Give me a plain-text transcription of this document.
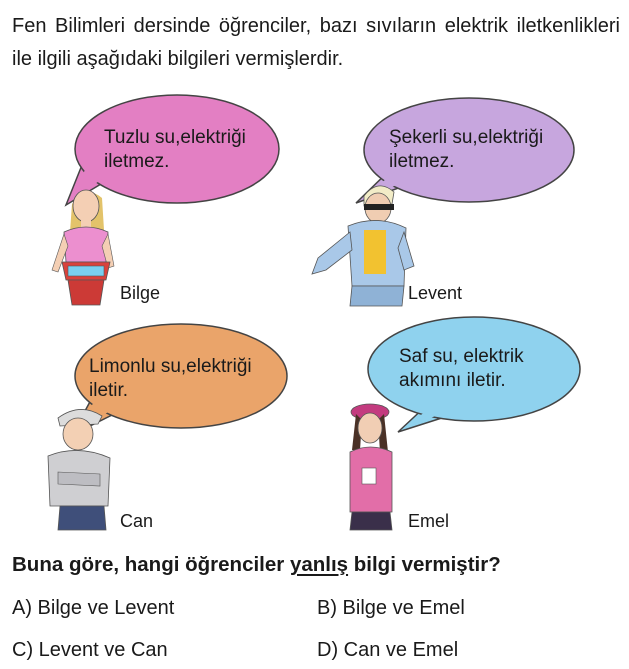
Fen Bilimleri dersinde öğrenciler, bazı sıvıların elektrik iletkenlikleri ile ilgili aşağıdaki bilgileri vermişlerdir.

Tuzlu su,elektriği
iletmez.
Şekerli su,elektriği
iletmez.
Limonlu su,elektriği
iletir.
Saf su, elektrik
akımını iletir.
Bilge	Levent
Can	Emel

Buna göre, hangi öğrenciler yanlış bilgi vermiştir?

A) Bilge ve Levent	B) Bilge ve Emel
C) Levent ve Can	D) Can ve Emel
